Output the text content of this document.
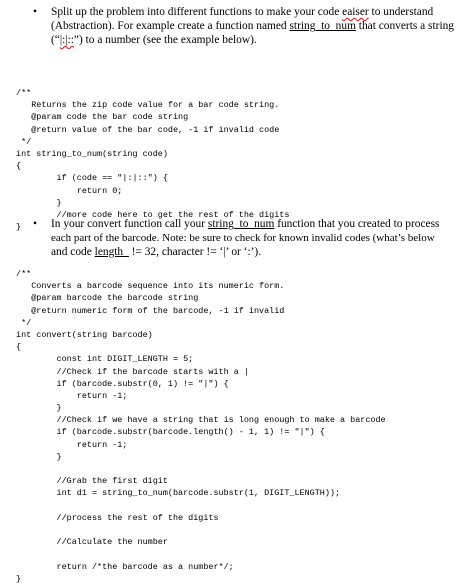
• Split up the problem into different functions to make your code eaiser to understand

(Abstraction). For example create a function named string_to_num that converts a string

(“|:|::”) to a number (see the example below).

/**
Returns the zip code value for a bar code string.
@param code the bar code string
@return value of the bar code, -1 if invalid code
*/
int string_to_num(string code)
{
if (code == "|:|::") {
return 0;
}
//more code here to get the rest of the digits
}	• In your convert function call your string_to_num function that you created to process

each part of the barcode. Note: be sure to check for known invalid codes (what’s below

and code length_ != 32, character != ‘|’ or ‘:’).

/**
Converts a barcode sequence into its numeric form.
@param barcode the barcode string
@return numeric form of the barcode, -1 if invalid
*/
int convert(string barcode)
{
const int DIGIT_LENGTH = 5;
//Check if the barcode starts with a |
if (barcode.substr(0, 1) != "|") {
return -1;
}
//Check if we have a string that is long enough to make a barcode
if (barcode.substr(barcode.length() - 1, 1) != "|") {
return -1;
}
//Grab the first digit
int d1 = string_to_num(barcode.substr(1, DIGIT_LENGTH));
//process the rest of the digits
//Calculate the number
return /*the barcode as a number*/;
}
